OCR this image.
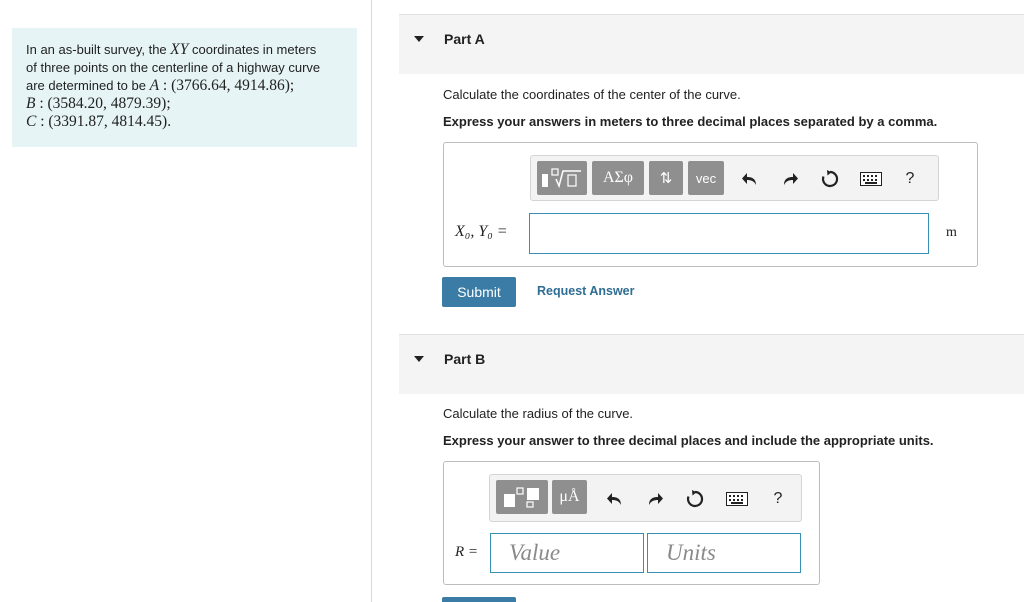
In an as-built survey, the XY coordinates in meters
of three points on the centerline of a highway curve
are determined to be A : (3766.64, 4914.86);
B : (3584.20, 4879.39);
C : (3391.87, 4814.45).
Part A
Calculate the coordinates of the center of the curve.
Express your answers in meters to three decimal places separated by a comma.
ΑΣφ	⇅	vec	?
X₀, Y₀ =	m
Submit	Request Answer
Part B
Calculate the radius of the curve.
Express your answer to three decimal places and include the appropriate units.
μÅ	?
R =	Value	Units
